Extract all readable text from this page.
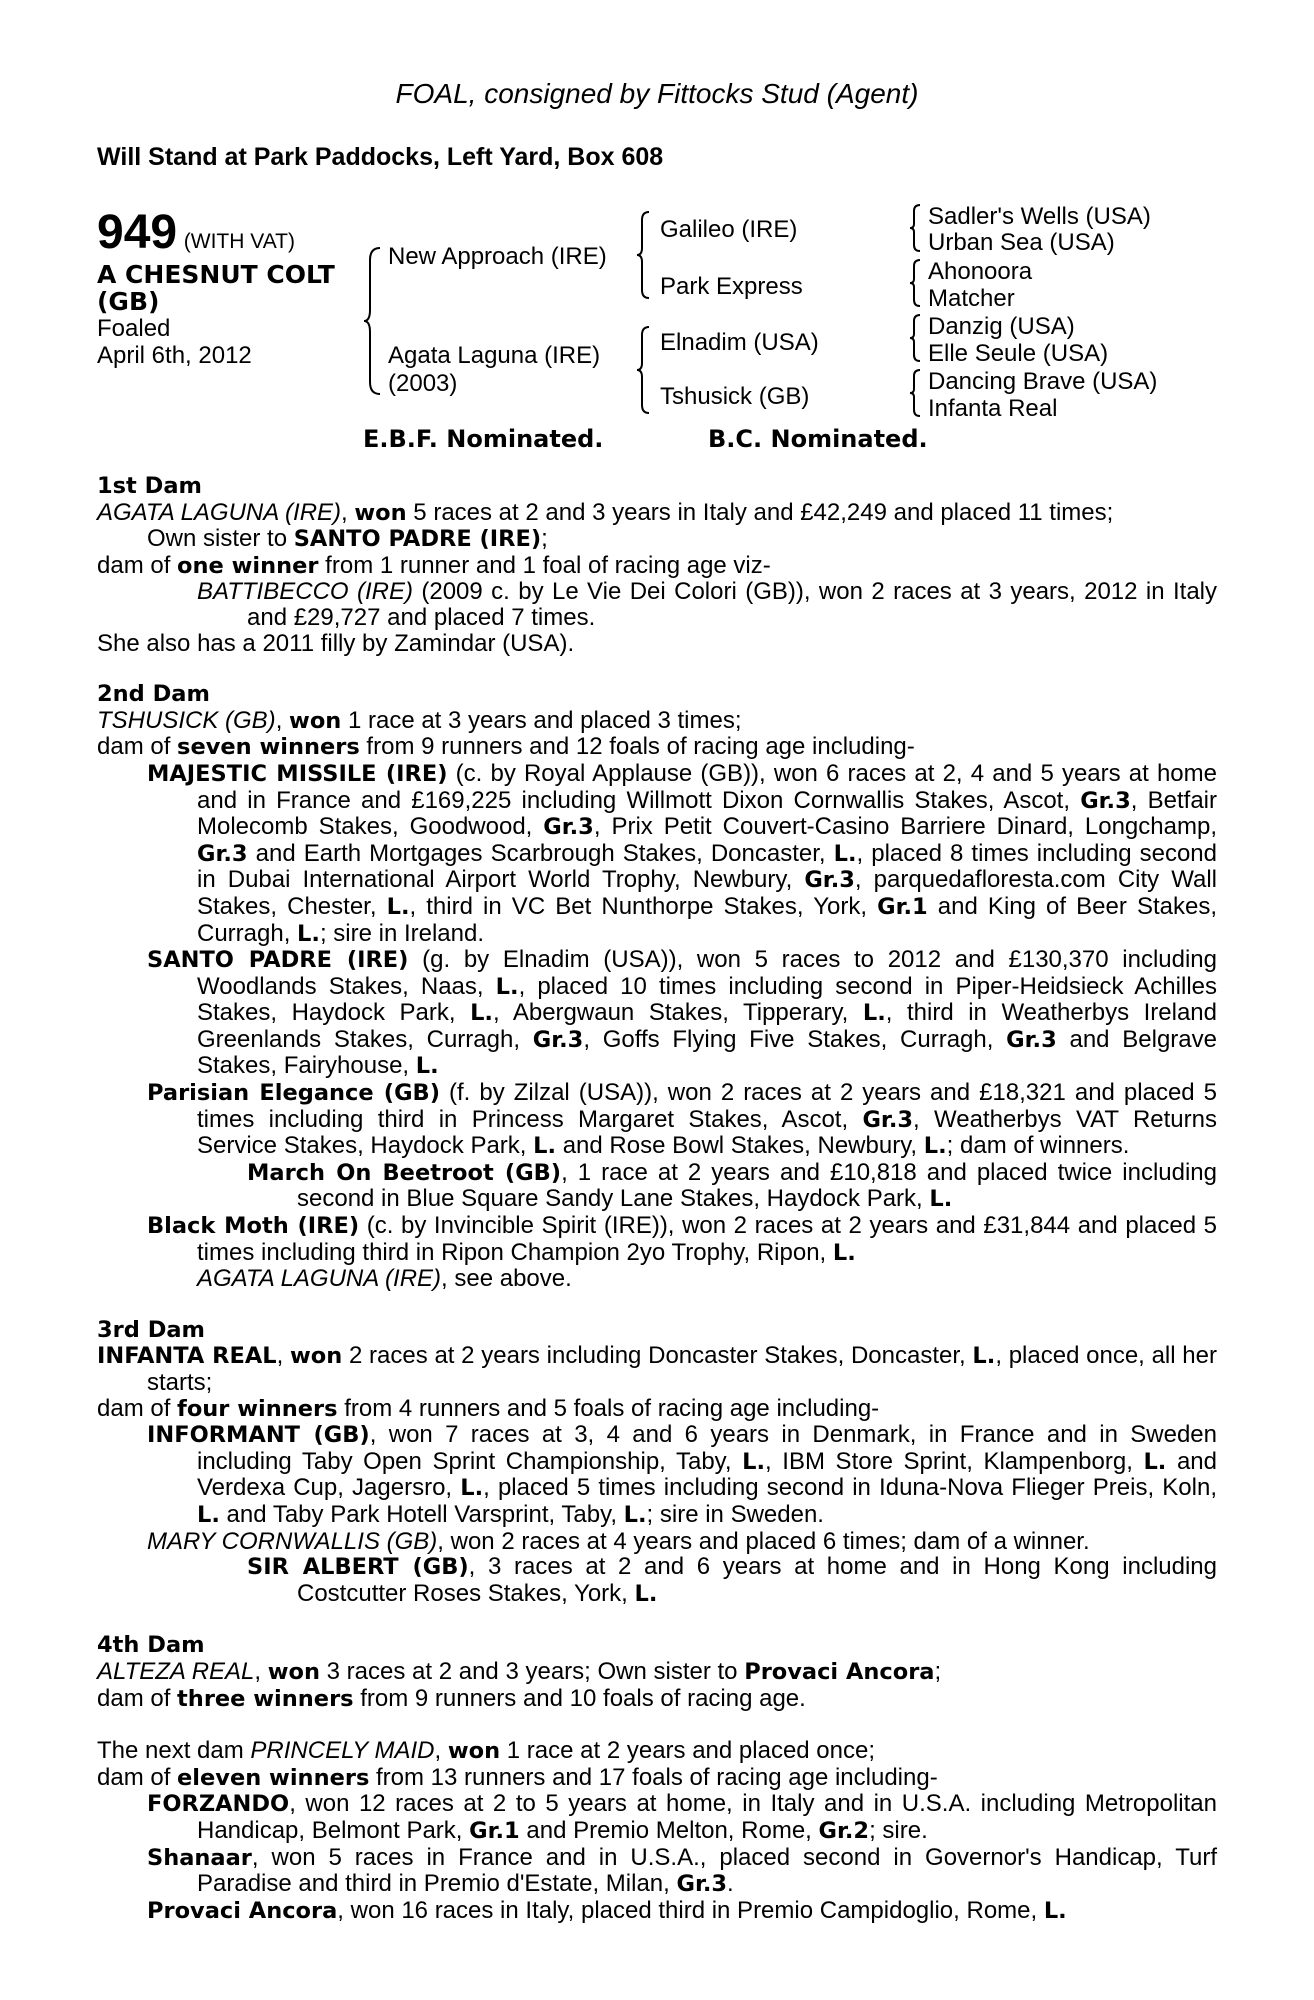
FOAL, consigned by Fittocks Stud (Agent)
Will Stand at Park Paddocks, Left Yard, Box 608
949 (WITH VAT)
A CHESNUT COLT
(GB)
Foaled
April 6th, 2012
New Approach (IRE)
Agata Laguna (IRE)
(2003)
Galileo (IRE)
Park Express
Elnadim (USA)
Tshusick (GB)
Sadler's Wells (USA)
Urban Sea (USA)
Ahonoora
Matcher
Danzig (USA)
Elle Seule (USA)
Dancing Brave (USA)
Infanta Real
E.B.F. Nominated.	B.C. Nominated.
1st Dam
AGATA LAGUNA (IRE), won 5 races at 2 and 3 years in Italy and £42,249 and placed 11 times;
Own sister to SANTO PADRE (IRE);
dam of one winner from 1 runner and 1 foal of racing age viz-
BATTIBECCO (IRE) (2009 c. by Le Vie Dei Colori (GB)), won 2 races at 3 years, 2012 in Italy and £29,727 and placed 7 times.
She also has a 2011 filly by Zamindar (USA).
2nd Dam
TSHUSICK (GB), won 1 race at 3 years and placed 3 times;
dam of seven winners from 9 runners and 12 foals of racing age including-
MAJESTIC MISSILE (IRE) (c. by Royal Applause (GB)), won 6 races at 2, 4 and 5 years at home and in France and £169,225 including Willmott Dixon Cornwallis Stakes, Ascot, Gr.3, Betfair Molecomb Stakes, Goodwood, Gr.3, Prix Petit Couvert-Casino Barriere Dinard, Longchamp, Gr.3 and Earth Mortgages Scarbrough Stakes, Doncaster, L., placed 8 times including second in Dubai International Airport World Trophy, Newbury, Gr.3, parquedafloresta.com City Wall Stakes, Chester, L., third in VC Bet Nunthorpe Stakes, York, Gr.1 and King of Beer Stakes, Curragh, L.; sire in Ireland.
SANTO PADRE (IRE) (g. by Elnadim (USA)), won 5 races to 2012 and £130,370 including Woodlands Stakes, Naas, L., placed 10 times including second in Piper-Heidsieck Achilles Stakes, Haydock Park, L., Abergwaun Stakes, Tipperary, L., third in Weatherbys Ireland Greenlands Stakes, Curragh, Gr.3, Goffs Flying Five Stakes, Curragh, Gr.3 and Belgrave Stakes, Fairyhouse, L.
Parisian Elegance (GB) (f. by Zilzal (USA)), won 2 races at 2 years and £18,321 and placed 5 times including third in Princess Margaret Stakes, Ascot, Gr.3, Weatherbys VAT Returns Service Stakes, Haydock Park, L. and Rose Bowl Stakes, Newbury, L.; dam of winners.
March On Beetroot (GB), 1 race at 2 years and £10,818 and placed twice including second in Blue Square Sandy Lane Stakes, Haydock Park, L.
Black Moth (IRE) (c. by Invincible Spirit (IRE)), won 2 races at 2 years and £31,844 and placed 5 times including third in Ripon Champion 2yo Trophy, Ripon, L.
AGATA LAGUNA (IRE), see above.
3rd Dam
INFANTA REAL, won 2 races at 2 years including Doncaster Stakes, Doncaster, L., placed once, all her starts;
dam of four winners from 4 runners and 5 foals of racing age including-
INFORMANT (GB), won 7 races at 3, 4 and 6 years in Denmark, in France and in Sweden including Taby Open Sprint Championship, Taby, L., IBM Store Sprint, Klampenborg, L. and Verdexa Cup, Jagersro, L., placed 5 times including second in Iduna-Nova Flieger Preis, Koln, L. and Taby Park Hotell Varsprint, Taby, L.; sire in Sweden.
MARY CORNWALLIS (GB), won 2 races at 4 years and placed 6 times; dam of a winner.
SIR ALBERT (GB), 3 races at 2 and 6 years at home and in Hong Kong including Costcutter Roses Stakes, York, L.
4th Dam
ALTEZA REAL, won 3 races at 2 and 3 years; Own sister to Provaci Ancora;
dam of three winners from 9 runners and 10 foals of racing age.
The next dam PRINCELY MAID, won 1 race at 2 years and placed once;
dam of eleven winners from 13 runners and 17 foals of racing age including-
FORZANDO, won 12 races at 2 to 5 years at home, in Italy and in U.S.A. including Metropolitan Handicap, Belmont Park, Gr.1 and Premio Melton, Rome, Gr.2; sire.
Shanaar, won 5 races in France and in U.S.A., placed second in Governor's Handicap, Turf Paradise and third in Premio d'Estate, Milan, Gr.3.
Provaci Ancora, won 16 races in Italy, placed third in Premio Campidoglio, Rome, L.
